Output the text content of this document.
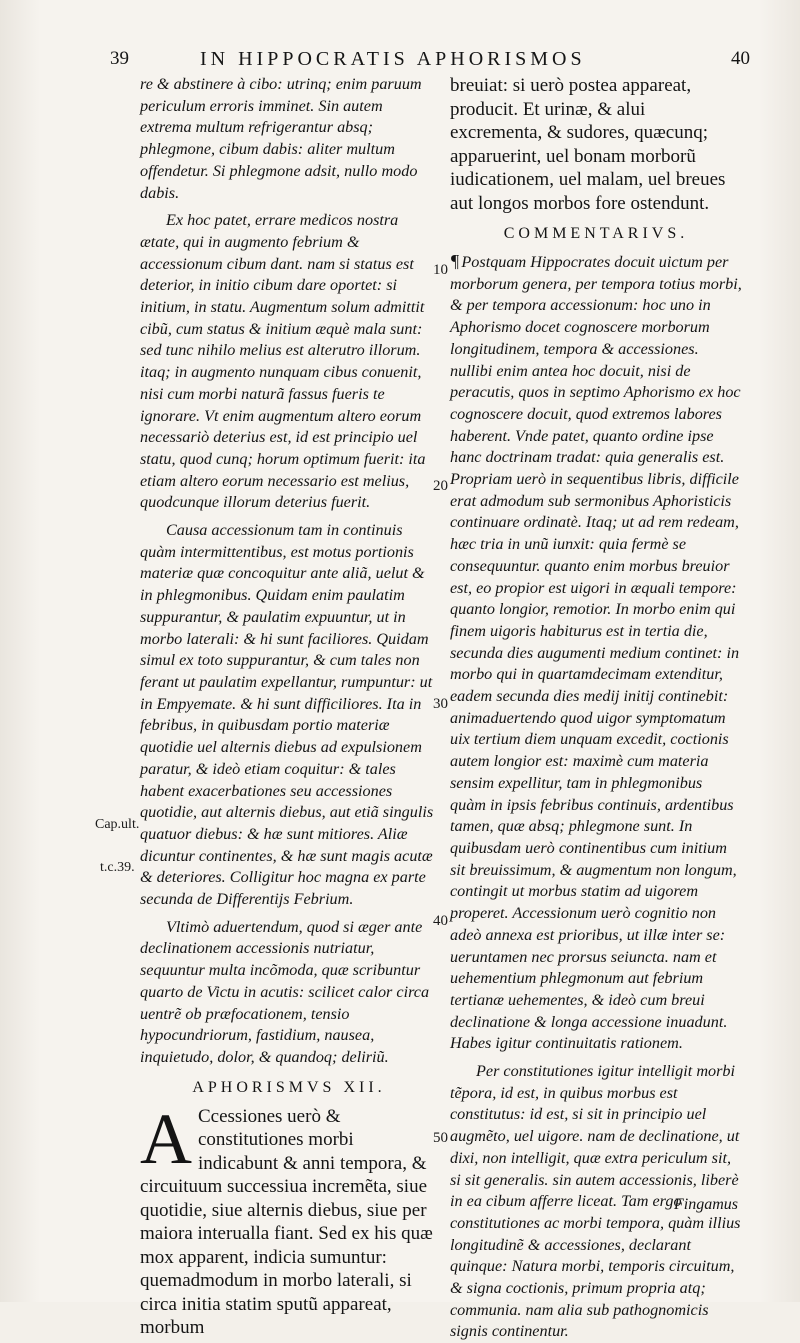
39	IN HIPPOCRATIS APHORISMOS	40

re & abstinere à cibo: utrinq; enim paruum periculum erroris imminet. Sin autem extrema multum refrigerantur absq; phlegmone, cibum dabis: aliter multum offendetur. Si phlegmone adsit, nullo modo dabis.

Ex hoc patet, errare medicos nostra ætate, qui in augmento febrium & accessionum cibum dant. nam si status est deterior, in initio cibum dare oportet: si initium, in statu. Augmentum solum admittit cibũ, cum status & initium æquè mala sunt: sed tunc nihilo melius est alterutro illorum. itaq; in augmento nunquam cibus conuenit, nisi cum morbi naturã fassus fueris te ignorare. Vt enim augmentum altero eorum necessariò deterius est, id est principio uel statu, quod cunq; horum optimum fuerit: ita etiam altero eorum necessario est melius, quodcunque illorum deterius fuerit.

Causa accessionum tam in continuis quàm intermittentibus, est motus portionis materiæ quæ concoquitur ante aliã, uelut & in phlegmonibus. Quidam enim paulatim suppurantur, & paulatim expuuntur, ut in morbo laterali: & hi sunt faciliores. Quidam simul ex toto suppurantur, & cum tales non ferant ut paulatim expellantur, rumpuntur: ut in Empyemate. & hi sunt difficiliores. Ita in febribus, in quibusdam portio materiæ quotidie uel alternis diebus ad expulsionem paratur, & ideò etiam coquitur: & tales habent exacerbationes seu accessiones quotidie, aut alternis diebus, aut etiã singulis quatuor diebus: & hæ sunt mitiores. Aliæ dicuntur continentes, & hæ sunt magis acutæ & deteriores. Colligitur hoc magna ex parte secunda de Differentijs Febrium.

Vltimò aduertendum, quod si æger ante declinationem accessionis nutriatur, sequuntur multa incõmoda, quæ scribuntur quarto de Victu in acutis: scilicet calor circa uentrẽ ob præfocationem, tensio hypocundriorum, fastidium, nausea, inquietudo, dolor, & quandoq; deliriũ.

APHORISMVS XII.

A Ccessiones uerò & constitutiones morbi indicabunt & anni tempora, & circuituum successiua incremẽta, siue quotidie, siue alternis diebus, siue per maiora interualla fiant. Sed ex his quæ mox apparent, indicia sumuntur: quemadmodum in morbo laterali, si circa initia statim sputũ appareat, morbum

breuiat: si uerò postea appareat, producit. Et urinæ, & alui excrementa, & sudores, quæcunq; apparuerint, uel bonam morborũ iudicationem, uel malam, uel breues aut longos morbos fore ostendunt.

COMMENTARIVS.

¶ Postquam Hippocrates docuit uictum per morborum genera, per tempora totius morbi, & per tempora accessionum: hoc uno in Aphorismo docet cognoscere morborum longitudinem, tempora & accessiones. nullibi enim antea hoc docuit, nisi de peracutis, quos in septimo Aphorismo ex hoc cognoscere docuit, quod extremos labores haberent. Vnde patet, quanto ordine ipse hanc doctrinam tradat: quia generalis est. Propriam uerò in sequentibus libris, difficile erat admodum sub sermonibus Aphoristicis continuare ordinatè. Itaq; ut ad rem redeam, hæc tria in unũ iunxit: quia fermè se consequuntur. quanto enim morbus breuior est, eo propior est uigori in æquali tempore: quanto longior, remotior. In morbo enim qui finem uigoris habiturus est in tertia die, secunda dies augumenti medium continet: in morbo qui in quartamdecimam extenditur, eadem secunda dies medij initij continebit: animaduertendo quod uigor symptomatum uix tertium diem unquam excedit, coctionis autem longior est: maximè cum materia sensim expellitur, tam in phlegmonibus quàm in ipsis febribus continuis, ardentibus tamen, quæ absq; phlegmone sunt. In quibusdam uerò continentibus cum initium sit breuissimum, & augmentum non longum, contingit ut morbus statim ad uigorem properet. Accessionum uerò cognitio non adeò annexa est prioribus, ut illæ inter se: ueruntamen nec prorsus seiuncta. nam et uehementium phlegmonum aut febrium tertianæ uehementes, & ideò cum breui declinatione & longa accessione inuadunt. Habes igitur continuitatis rationem.

Per constitutiones igitur intelligit morbi tẽpora, id est, in quibus morbus est constitutus: id est, si sit in principio uel augmẽto, uel uigore. nam de declinatione, ut dixi, non intelligit, quæ extra periculum sit, si sit generalis. sin autem accessionis, liberè in ea cibum afferre liceat. Tam ergo constitutiones ac morbi tempora, quàm illius longitudinẽ & accessiones, declarant quinque: Natura morbi, temporis circuitum, & signa coctionis, primum propria atq; communia. nam alia sub pathognomicis signis continentur.

10
20
30
40
50
Cap.ult.
t.c.39.
Fingamus
